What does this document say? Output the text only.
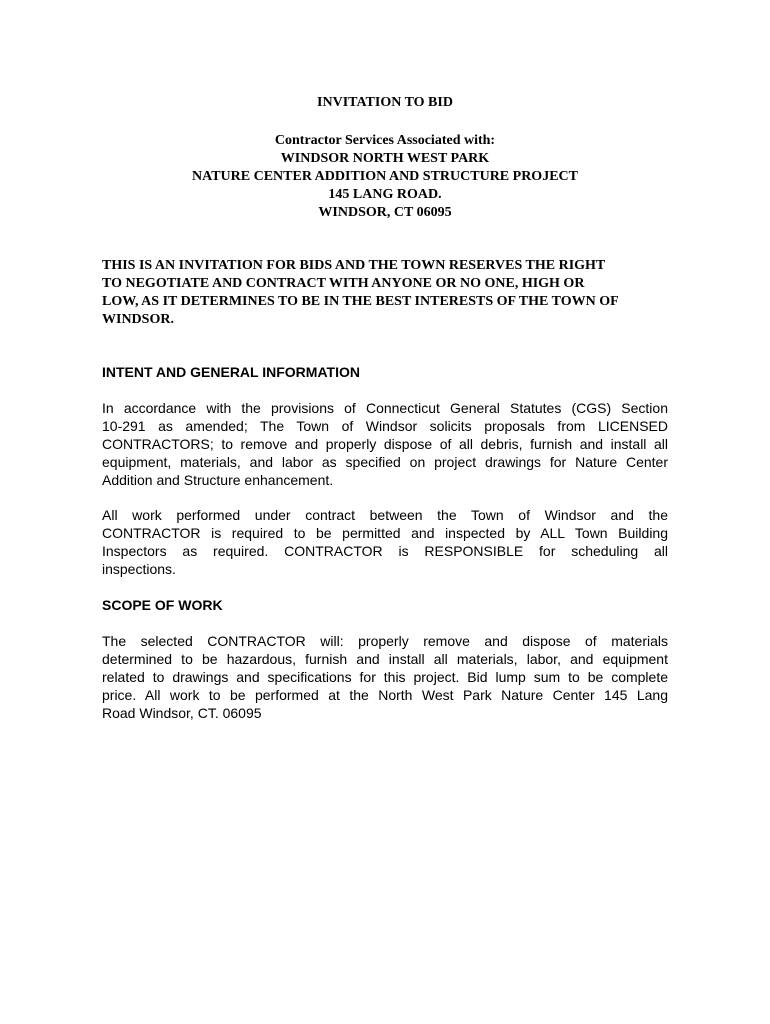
INVITATION TO BID
Contractor Services Associated with:
WINDSOR NORTH WEST PARK
NATURE CENTER ADDITION AND STRUCTURE PROJECT
145 LANG ROAD.
WINDSOR, CT 06095
THIS IS AN INVITATION FOR BIDS AND THE TOWN RESERVES THE RIGHT
TO NEGOTIATE AND CONTRACT WITH ANYONE OR NO ONE, HIGH OR
LOW, AS IT DETERMINES TO BE IN THE BEST INTERESTS OF THE TOWN OF
WINDSOR.
INTENT AND GENERAL INFORMATION
In accordance with the provisions of Connecticut General Statutes (CGS) Section
10-291 as amended; The Town of Windsor solicits proposals from LICENSED
CONTRACTORS; to remove and properly dispose of all debris, furnish and install all
equipment, materials, and labor as specified on project drawings for Nature Center
Addition and Structure enhancement.
All work performed under contract between the Town of Windsor and the
CONTRACTOR is required to be permitted and inspected by ALL Town Building
Inspectors as required. CONTRACTOR is RESPONSIBLE for scheduling all
inspections.
SCOPE OF WORK
The selected CONTRACTOR will: properly remove and dispose of materials
determined to be hazardous, furnish and install all materials, labor, and equipment
related to drawings and specifications for this project. Bid lump sum to be complete
price. All work to be performed at the North West Park Nature Center 145 Lang
Road Windsor, CT. 06095
